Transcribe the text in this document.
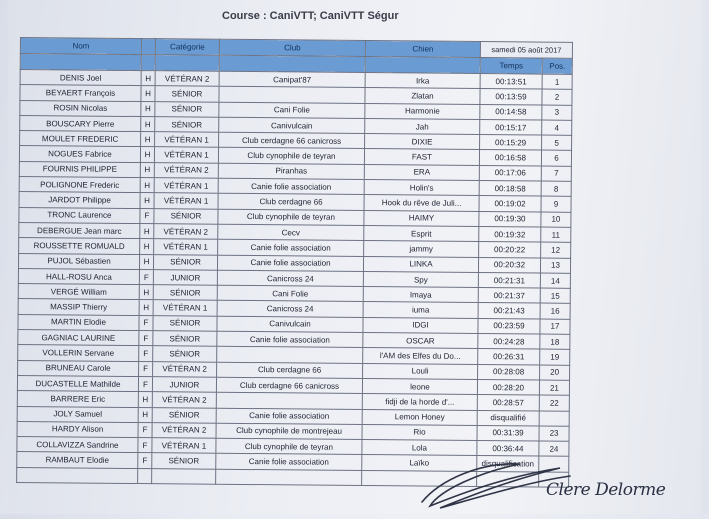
Course : CaniVTT; CaniVTT Ségur
Nom		Catégorie	Club	Chien	samedi 05 août 2017	
					Temps	Pos.
DENIS Joel	H	VÉTÉRAN 2	Canipat'87	Irka	00:13:51	1
BEYAERT François	H	SÉNIOR		Zlatan	00:13:59	2
ROSIN Nicolas	H	SÉNIOR	Cani Folie	Harmonie	00:14:58	3
BOUSCARY Pierre	H	SÉNIOR	Canivulcain	Jah	00:15:17	4
MOULET FREDERIC	H	VÉTÉRAN 1	Club cerdagne 66 canicross	DIXIE	00:15:29	5
NOGUES Fabrice	H	VÉTÉRAN 1	Club cynophile de teyran	FAST	00:16:58	6
FOURNIS PHILIPPE	H	VÉTÉRAN 2	Piranhas	ERA	00:17:06	7
POLIGNONE Frederic	H	VÉTÉRAN 1	Canie folie association	Holin's	00:18:58	8
JARDOT Philippe	H	VÉTÉRAN 1	Club cerdagne 66	Hook du rêve de Juli...	00:19:02	9
TRONC Laurence	F	SÉNIOR	Club cynophile de teyran	HAIMY	00:19:30	10
DEBERGUE Jean marc	H	VÉTÉRAN 2	Cecv	Esprit	00:19:32	11
ROUSSETTE ROMUALD	H	VÉTÉRAN 1	Canie folie association	jammy	00:20:22	12
PUJOL Sébastien	H	SÉNIOR	Canie folie association	LINKA	00:20:32	13
HALL-ROSU Anca	F	JUNIOR	Canicross 24	Spy	00:21:31	14
VERGÉ William	H	SÉNIOR	Cani Folie	Imaya	00:21:37	15
MASSIP Thierry	H	VÉTÉRAN 1	Canicross 24	iuma	00:21:43	16
MARTIN Elodie	F	SÉNIOR	Canivulcain	IDGI	00:23:59	17
GAGNIAC LAURINE	F	SÉNIOR	Canie folie association	OSCAR	00:24:28	18
VOLLERIN Servane	F	SÉNIOR		l'AM des Elfes du Do...	00:26:31	19
BRUNEAU Carole	F	VÉTÉRAN 2	Club cerdagne 66	Louli	00:28:08	20
DUCASTELLE Mathilde	F	JUNIOR	Club cerdagne 66 canicross	leone	00:28:20	21
BARRERE Eric	H	VÉTÉRAN 2		fidji de la horde d'...	00:28:57	22
JOLY Samuel	H	SÉNIOR	Canie folie association	Lemon Honey	disqualifié	
HARDY Alison	F	VÉTÉRAN 2	Club cynophile de montrejeau	Rio	00:31:39	23
COLLAVIZZA Sandrine	F	VÉTÉRAN 1	Club cynophile de teyran	Lola	00:36:44	24
RAMBAUT Elodie	F	SÉNIOR	Canie folie association	Laïko	disqualification	

Clere Delorme
